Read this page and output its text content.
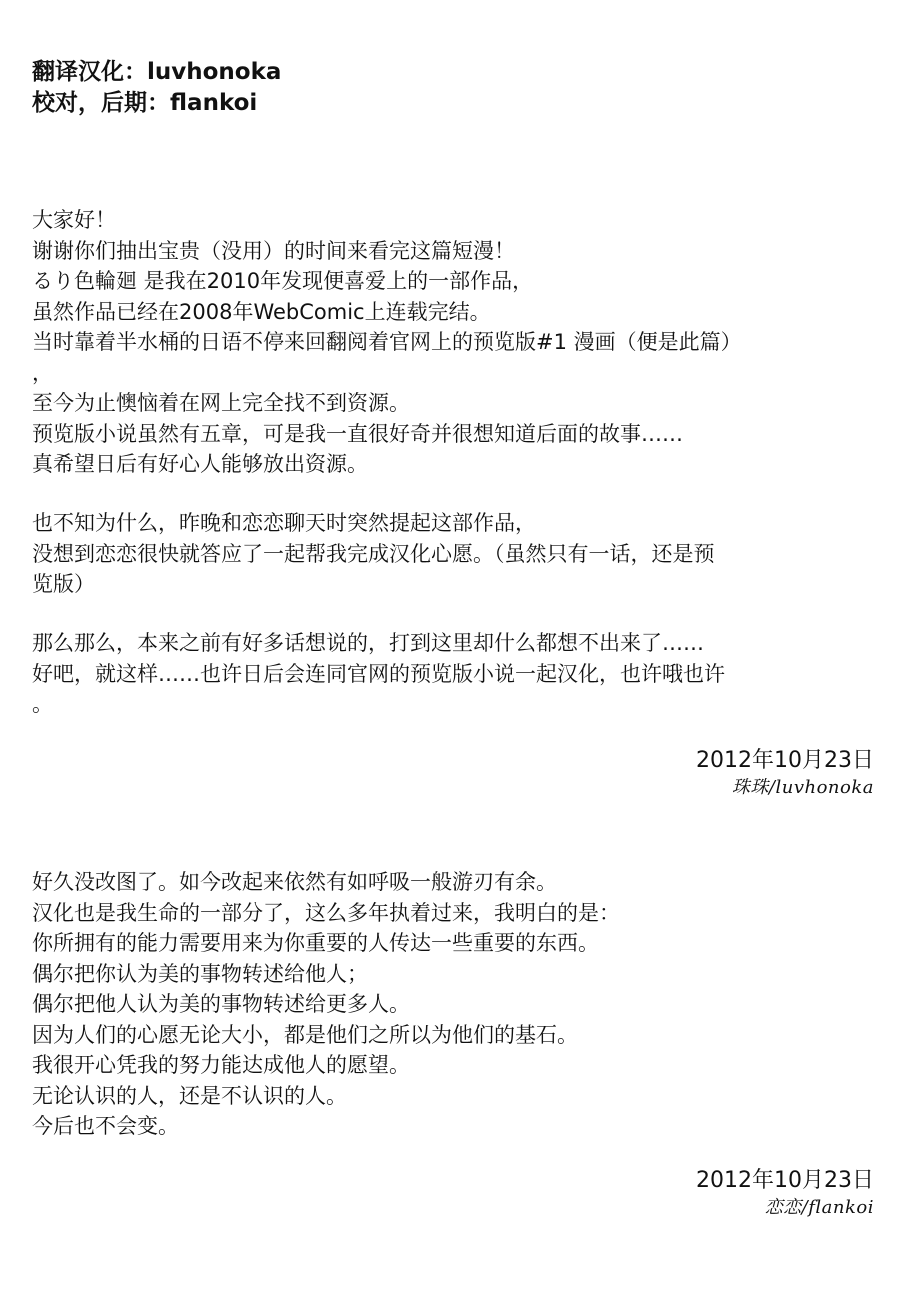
翻译汉化：luvhonoka
校对，后期：flankoi
大家好！
谢谢你们抽出宝贵（没用）的时间来看完这篇短漫！
るり色輪廻 是我在2010年发现便喜爱上的一部作品，
虽然作品已经在2008年WebComic上连载完结。
当时靠着半水桶的日语不停来回翻阅着官网上的预览版#1 漫画（便是此篇）
，
至今为止懊恼着在网上完全找不到资源。
预览版小说虽然有五章，可是我一直很好奇并很想知道后面的故事……
真希望日后有好心人能够放出资源。
也不知为什么，昨晚和恋恋聊天时突然提起这部作品，
没想到恋恋很快就答应了一起帮我完成汉化心愿。（虽然只有一话，还是预
览版）
那么那么，本来之前有好多话想说的，打到这里却什么都想不出来了……
好吧，就这样……也许日后会连同官网的预览版小说一起汉化，也许哦也许
。
2012年10月23日
珠珠/luvhonoka
好久没改图了。如今改起来依然有如呼吸一般游刃有余。
汉化也是我生命的一部分了，这么多年执着过来，我明白的是：
你所拥有的能力需要用来为你重要的人传达一些重要的东西。
偶尔把你认为美的事物转述给他人；
偶尔把他人认为美的事物转述给更多人。
因为人们的心愿无论大小，都是他们之所以为他们的基石。
我很开心凭我的努力能达成他人的愿望。
无论认识的人，还是不认识的人。
今后也不会变。
2012年10月23日
恋恋/flankoi
